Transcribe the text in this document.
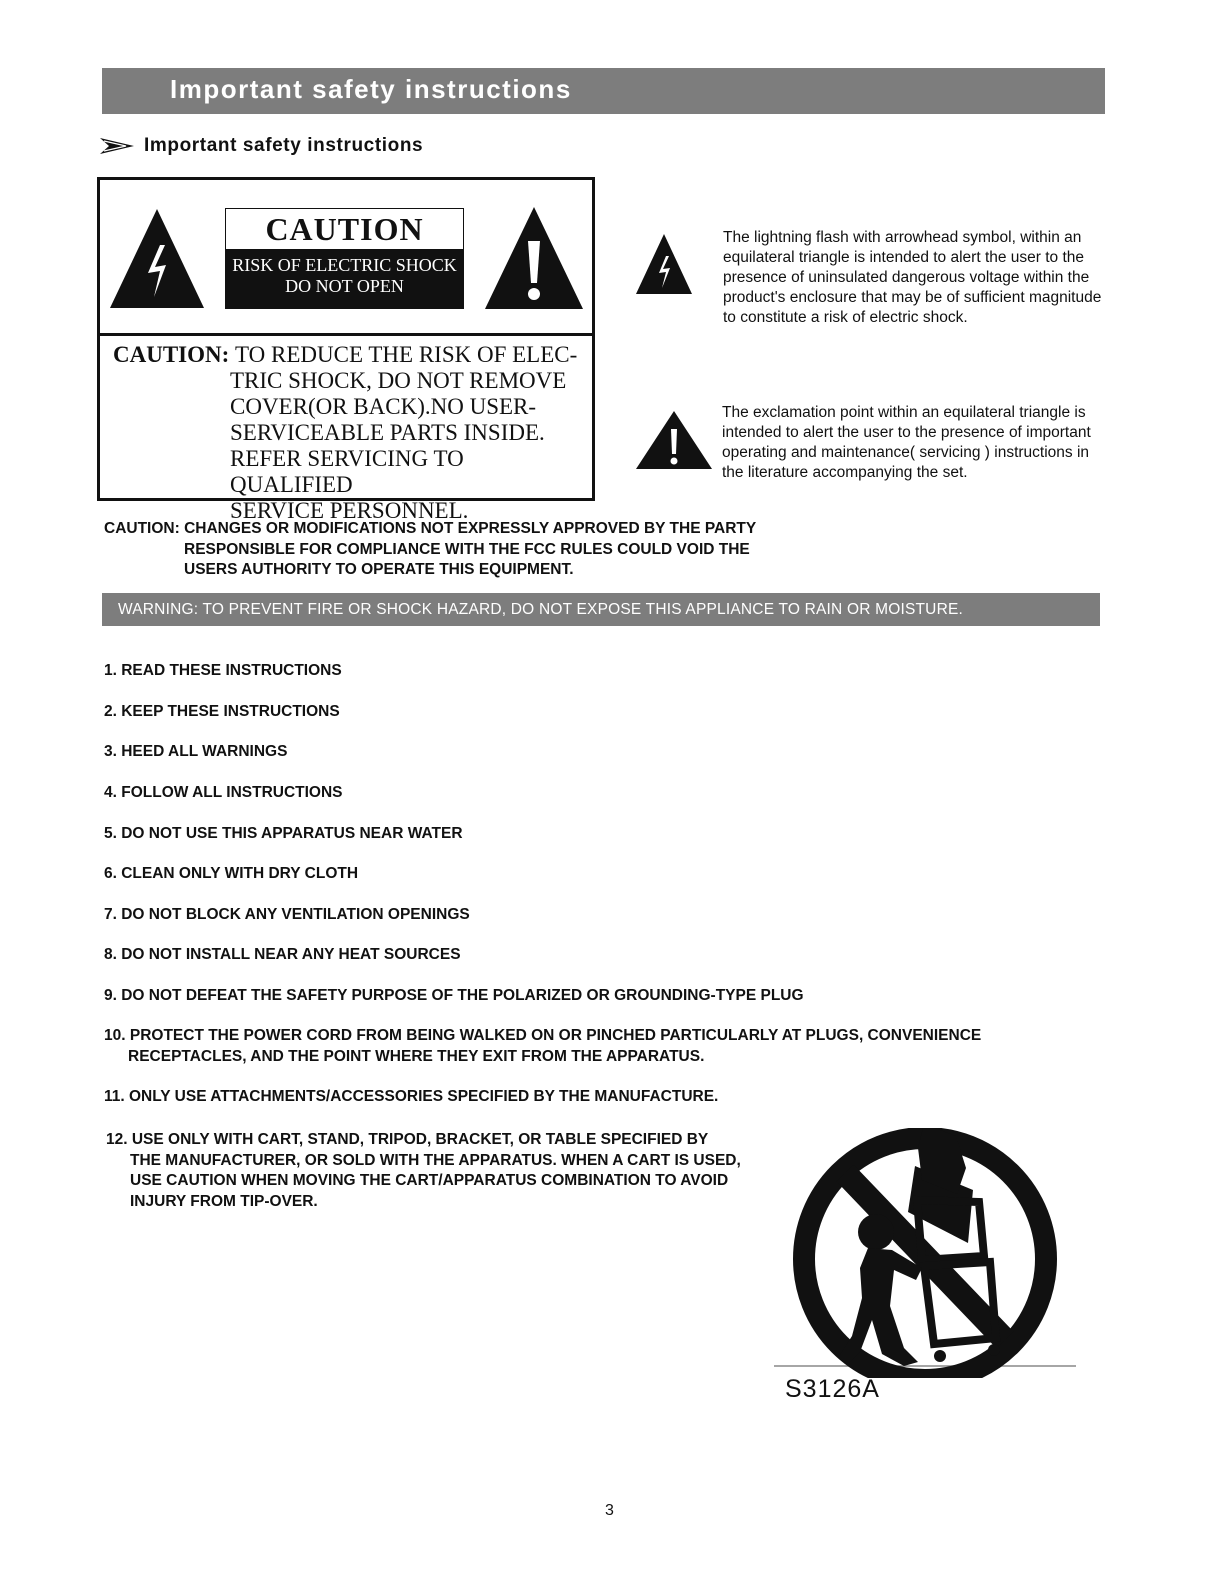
Important safety instructions
Important safety instructions
CAUTION
RISK OF ELECTRIC SHOCK
DO NOT OPEN
CAUTION: TO REDUCE THE RISK OF ELEC-
TRIC SHOCK, DO NOT REMOVE
COVER(OR BACK).NO USER-
SERVICEABLE PARTS INSIDE.
REFER SERVICING TO QUALIFIED
SERVICE PERSONNEL.
The lightning flash with arrowhead symbol, within an
equilateral triangle is intended to alert the user to the
presence of uninsulated dangerous voltage within the
product's enclosure that may be of sufficient magnitude
to constitute a risk of electric shock.
The exclamation point within an equilateral triangle is
intended to alert the user to the presence of important
operating and maintenance( servicing ) instructions in
the literature accompanying the set.
CAUTION: CHANGES OR MODIFICATIONS NOT EXPRESSLY APPROVED BY THE PARTY
RESPONSIBLE FOR COMPLIANCE WITH THE FCC RULES COULD VOID THE
USERS AUTHORITY TO OPERATE THIS EQUIPMENT.
WARNING: TO PREVENT FIRE OR SHOCK HAZARD, DO NOT EXPOSE THIS APPLIANCE TO RAIN OR MOISTURE.
1. READ THESE INSTRUCTIONS
2. KEEP THESE INSTRUCTIONS
3. HEED ALL WARNINGS
4. FOLLOW ALL INSTRUCTIONS
5. DO NOT USE THIS APPARATUS NEAR WATER
6. CLEAN ONLY WITH DRY CLOTH
7. DO NOT BLOCK ANY VENTILATION OPENINGS
8. DO NOT INSTALL NEAR ANY HEAT SOURCES
9. DO NOT DEFEAT THE SAFETY PURPOSE OF THE POLARIZED OR GROUNDING-TYPE PLUG
10. PROTECT THE POWER CORD FROM BEING WALKED ON OR PINCHED PARTICULARLY AT PLUGS, CONVENIENCE
RECEPTACLES, AND THE POINT WHERE THEY EXIT FROM THE APPARATUS.
11. ONLY USE ATTACHMENTS/ACCESSORIES SPECIFIED BY THE MANUFACTURE.
12. USE ONLY WITH CART, STAND, TRIPOD, BRACKET, OR TABLE SPECIFIED BY
THE MANUFACTURER, OR SOLD WITH THE APPARATUS. WHEN A CART IS USED,
USE CAUTION WHEN MOVING THE CART/APPARATUS COMBINATION TO AVOID
INJURY FROM TIP-OVER.
S3126A
3
